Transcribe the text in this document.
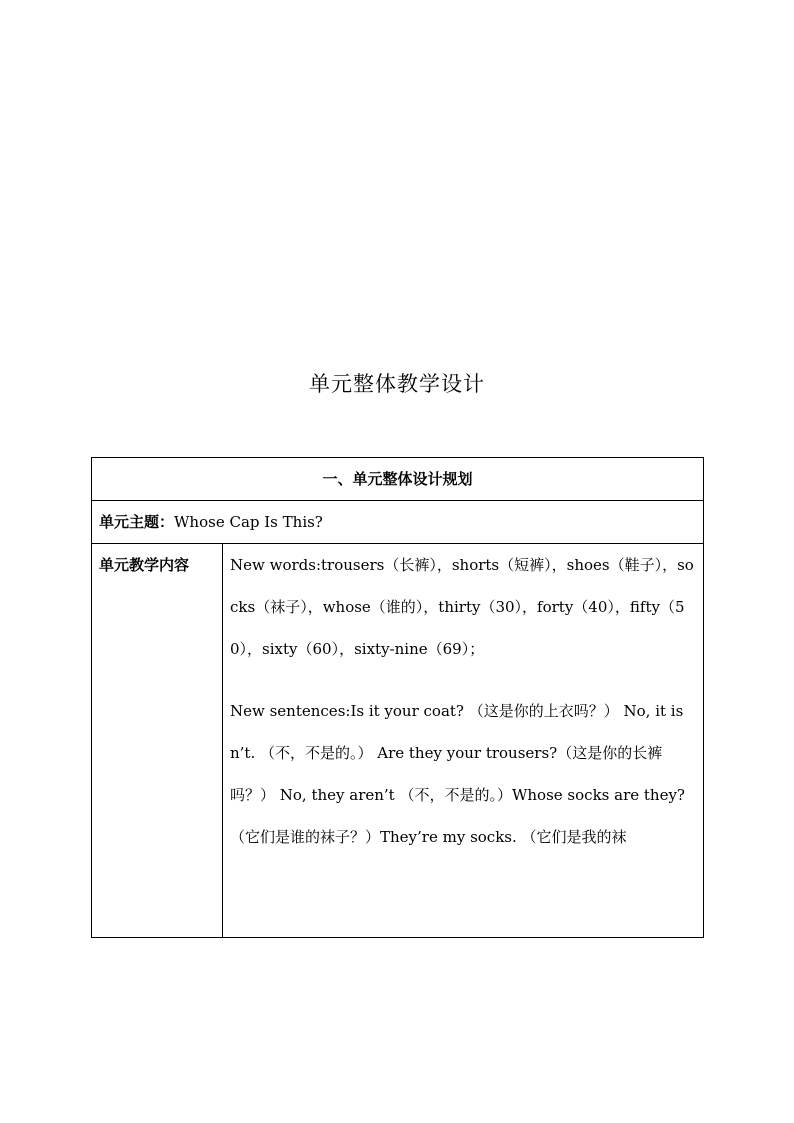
单元整体教学设计
一、单元整体设计规划
单元主题：Whose Cap Is This?
单元教学内容	New words:trousers（长裤），shorts（短裤），shoes（鞋子），socks（袜子），whose（谁的），thirty（30），forty（40），fifty（50），sixty（60），sixty-nine（69）；

New sentences:Is it your coat? （这是你的上衣吗？） No, it isn’t. （不，不是的。） Are they your trousers?（这是你的长裤吗？） No, they aren’t （不，不是的。）Whose socks are they?（它们是谁的袜子？）They’re my socks. （它们是我的袜
